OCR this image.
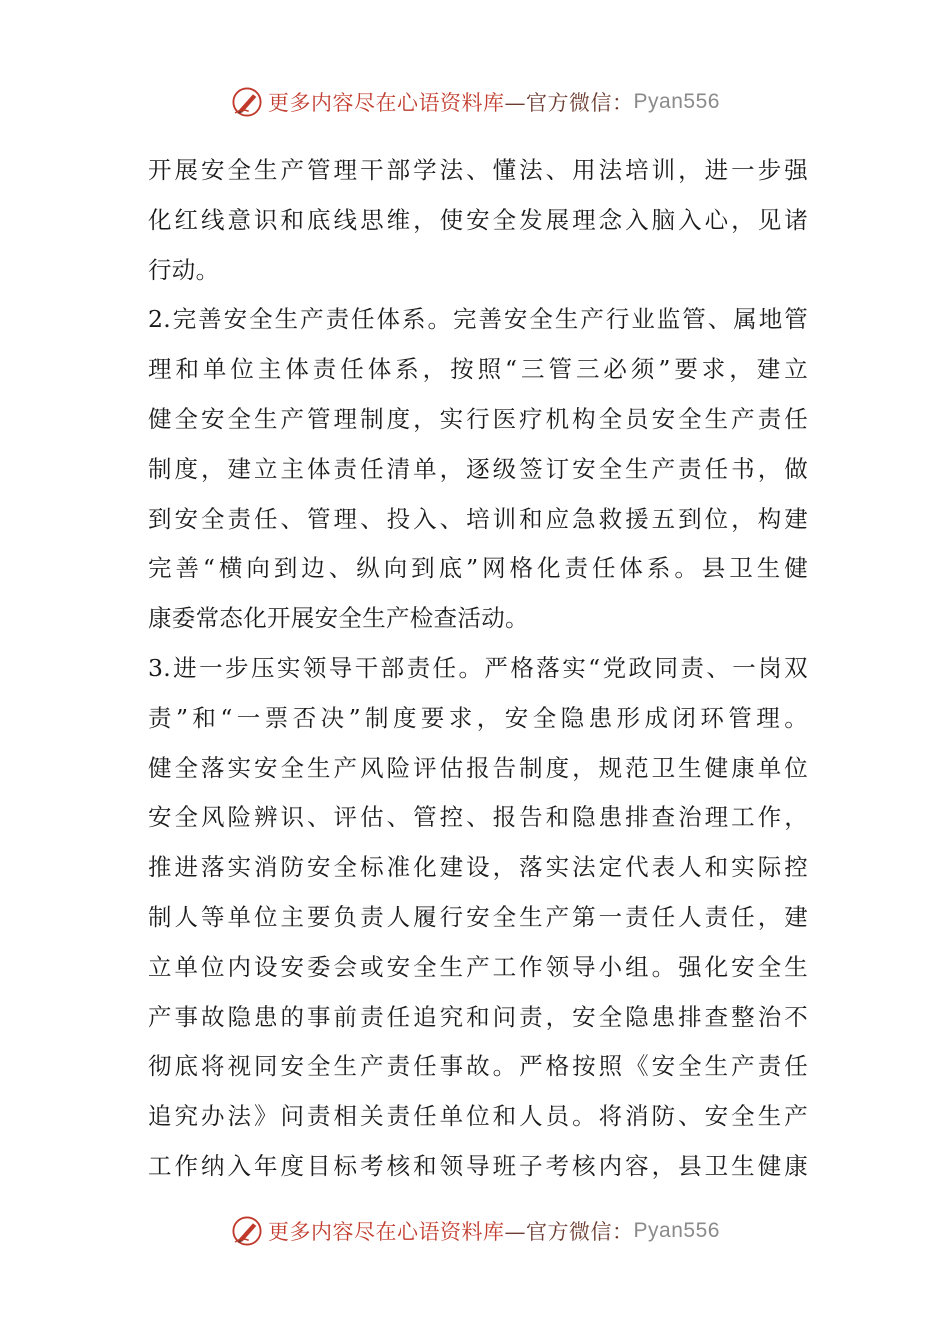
更多内容尽在心语资料库 —官方微信： Pyan556
开展安全生产管理干部学法、懂法、用法培训，进一步强
化红线意识和底线思维，使安全发展理念入脑入心，见诸
行动。
2.完善安全生产责任体系。完善安全生产行业监管、属地管
理和单位主体责任体系，按照“三管三必须”要求，建立
健全安全生产管理制度，实行医疗机构全员安全生产责任
制度，建立主体责任清单，逐级签订安全生产责任书，做
到安全责任、管理、投入、培训和应急救援五到位，构建
完善“横向到边、纵向到底”网格化责任体系。县卫生健
康委常态化开展安全生产检查活动。
3.进一步压实领导干部责任。严格落实“党政同责、一岗双
责”和“一票否决”制度要求，安全隐患形成闭环管理。
健全落实安全生产风险评估报告制度，规范卫生健康单位
安全风险辨识、评估、管控、报告和隐患排查治理工作，
推进落实消防安全标准化建设，落实法定代表人和实际控
制人等单位主要负责人履行安全生产第一责任人责任，建
立单位内设安委会或安全生产工作领导小组。强化安全生
产事故隐患的事前责任追究和问责，安全隐患排查整治不
彻底将视同安全生产责任事故。严格按照《安全生产责任
追究办法》问责相关责任单位和人员。将消防、安全生产
工作纳入年度目标考核和领导班子考核内容，县卫生健康
更多内容尽在心语资料库 —官方微信： Pyan556
